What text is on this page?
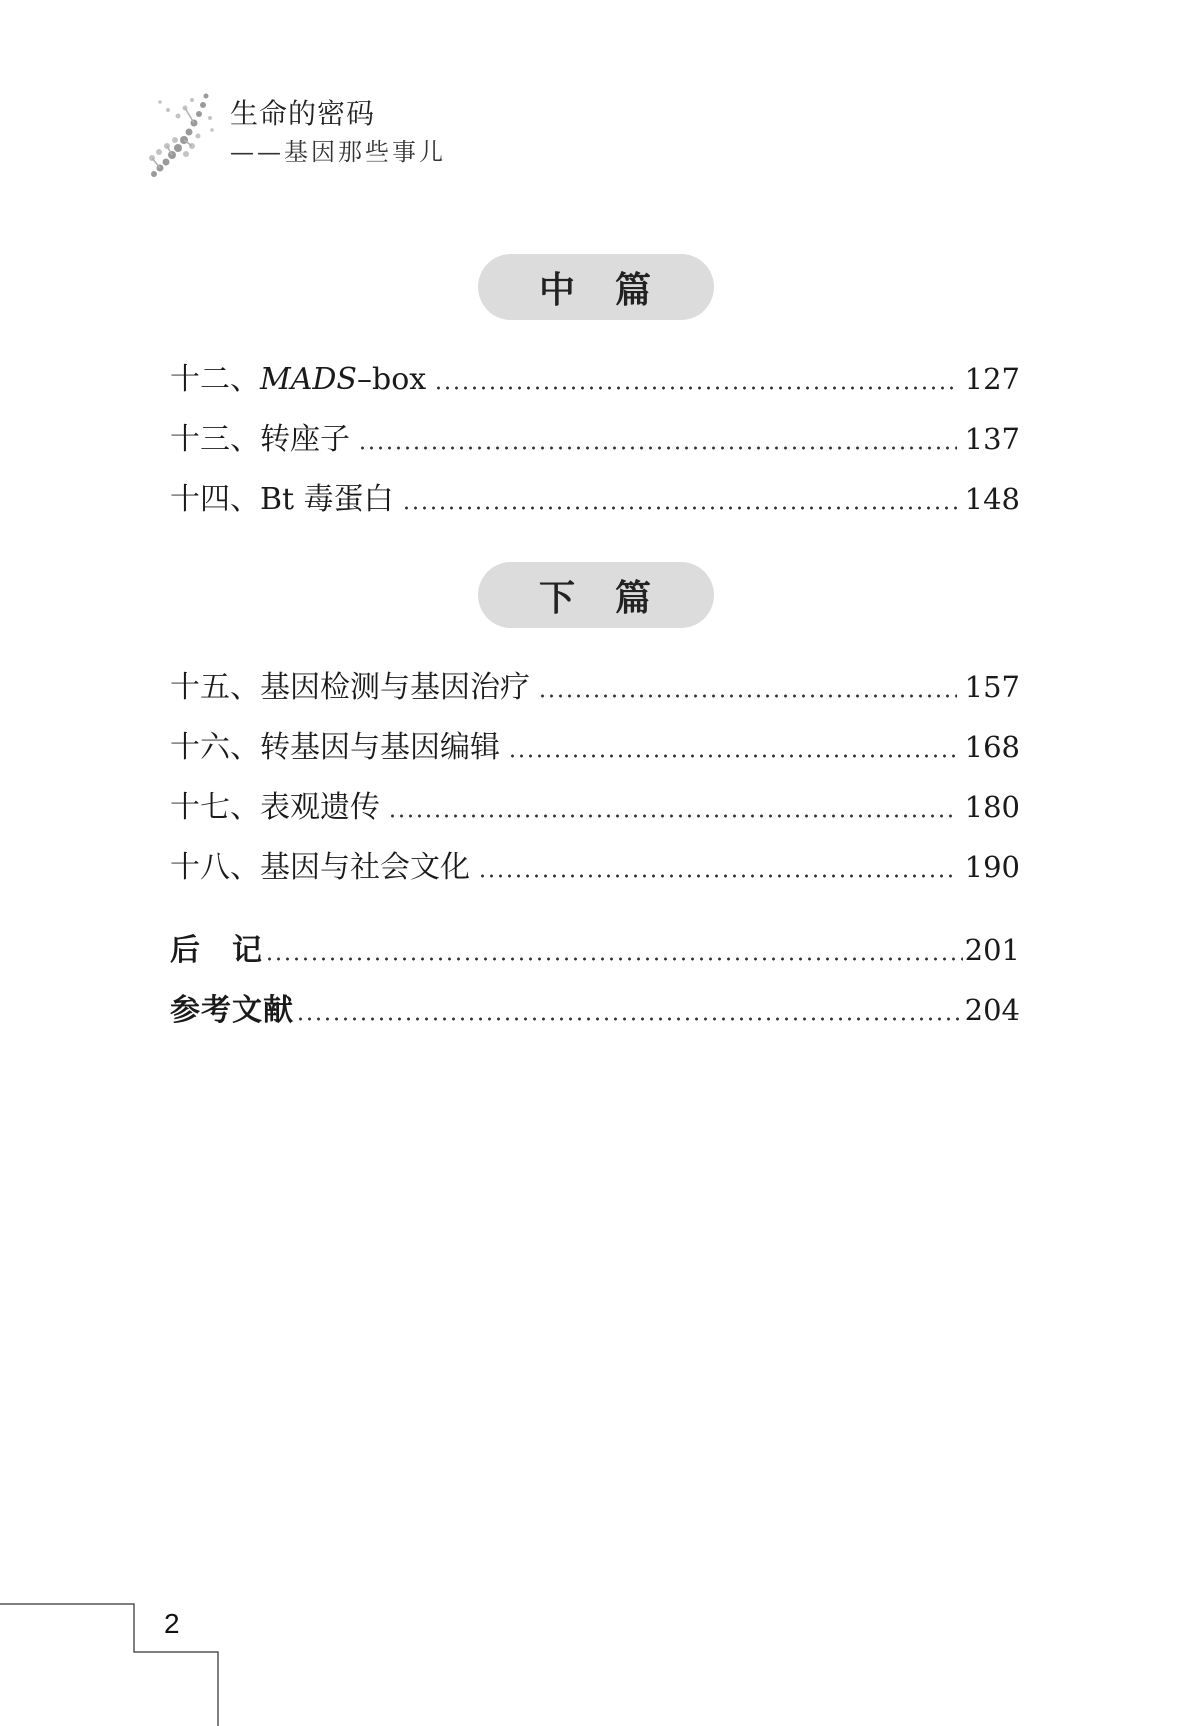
生命的密码
——基因那些事儿
中　篇
十二、MADS–box	127
十三、转座子	137
十四、Bt 毒蛋白	148
下　篇
十五、基因检测与基因治疗	157
十六、转基因与基因编辑	168
十七、表观遗传	180
十八、基因与社会文化	190
后　记	201
参考文献	204
2
